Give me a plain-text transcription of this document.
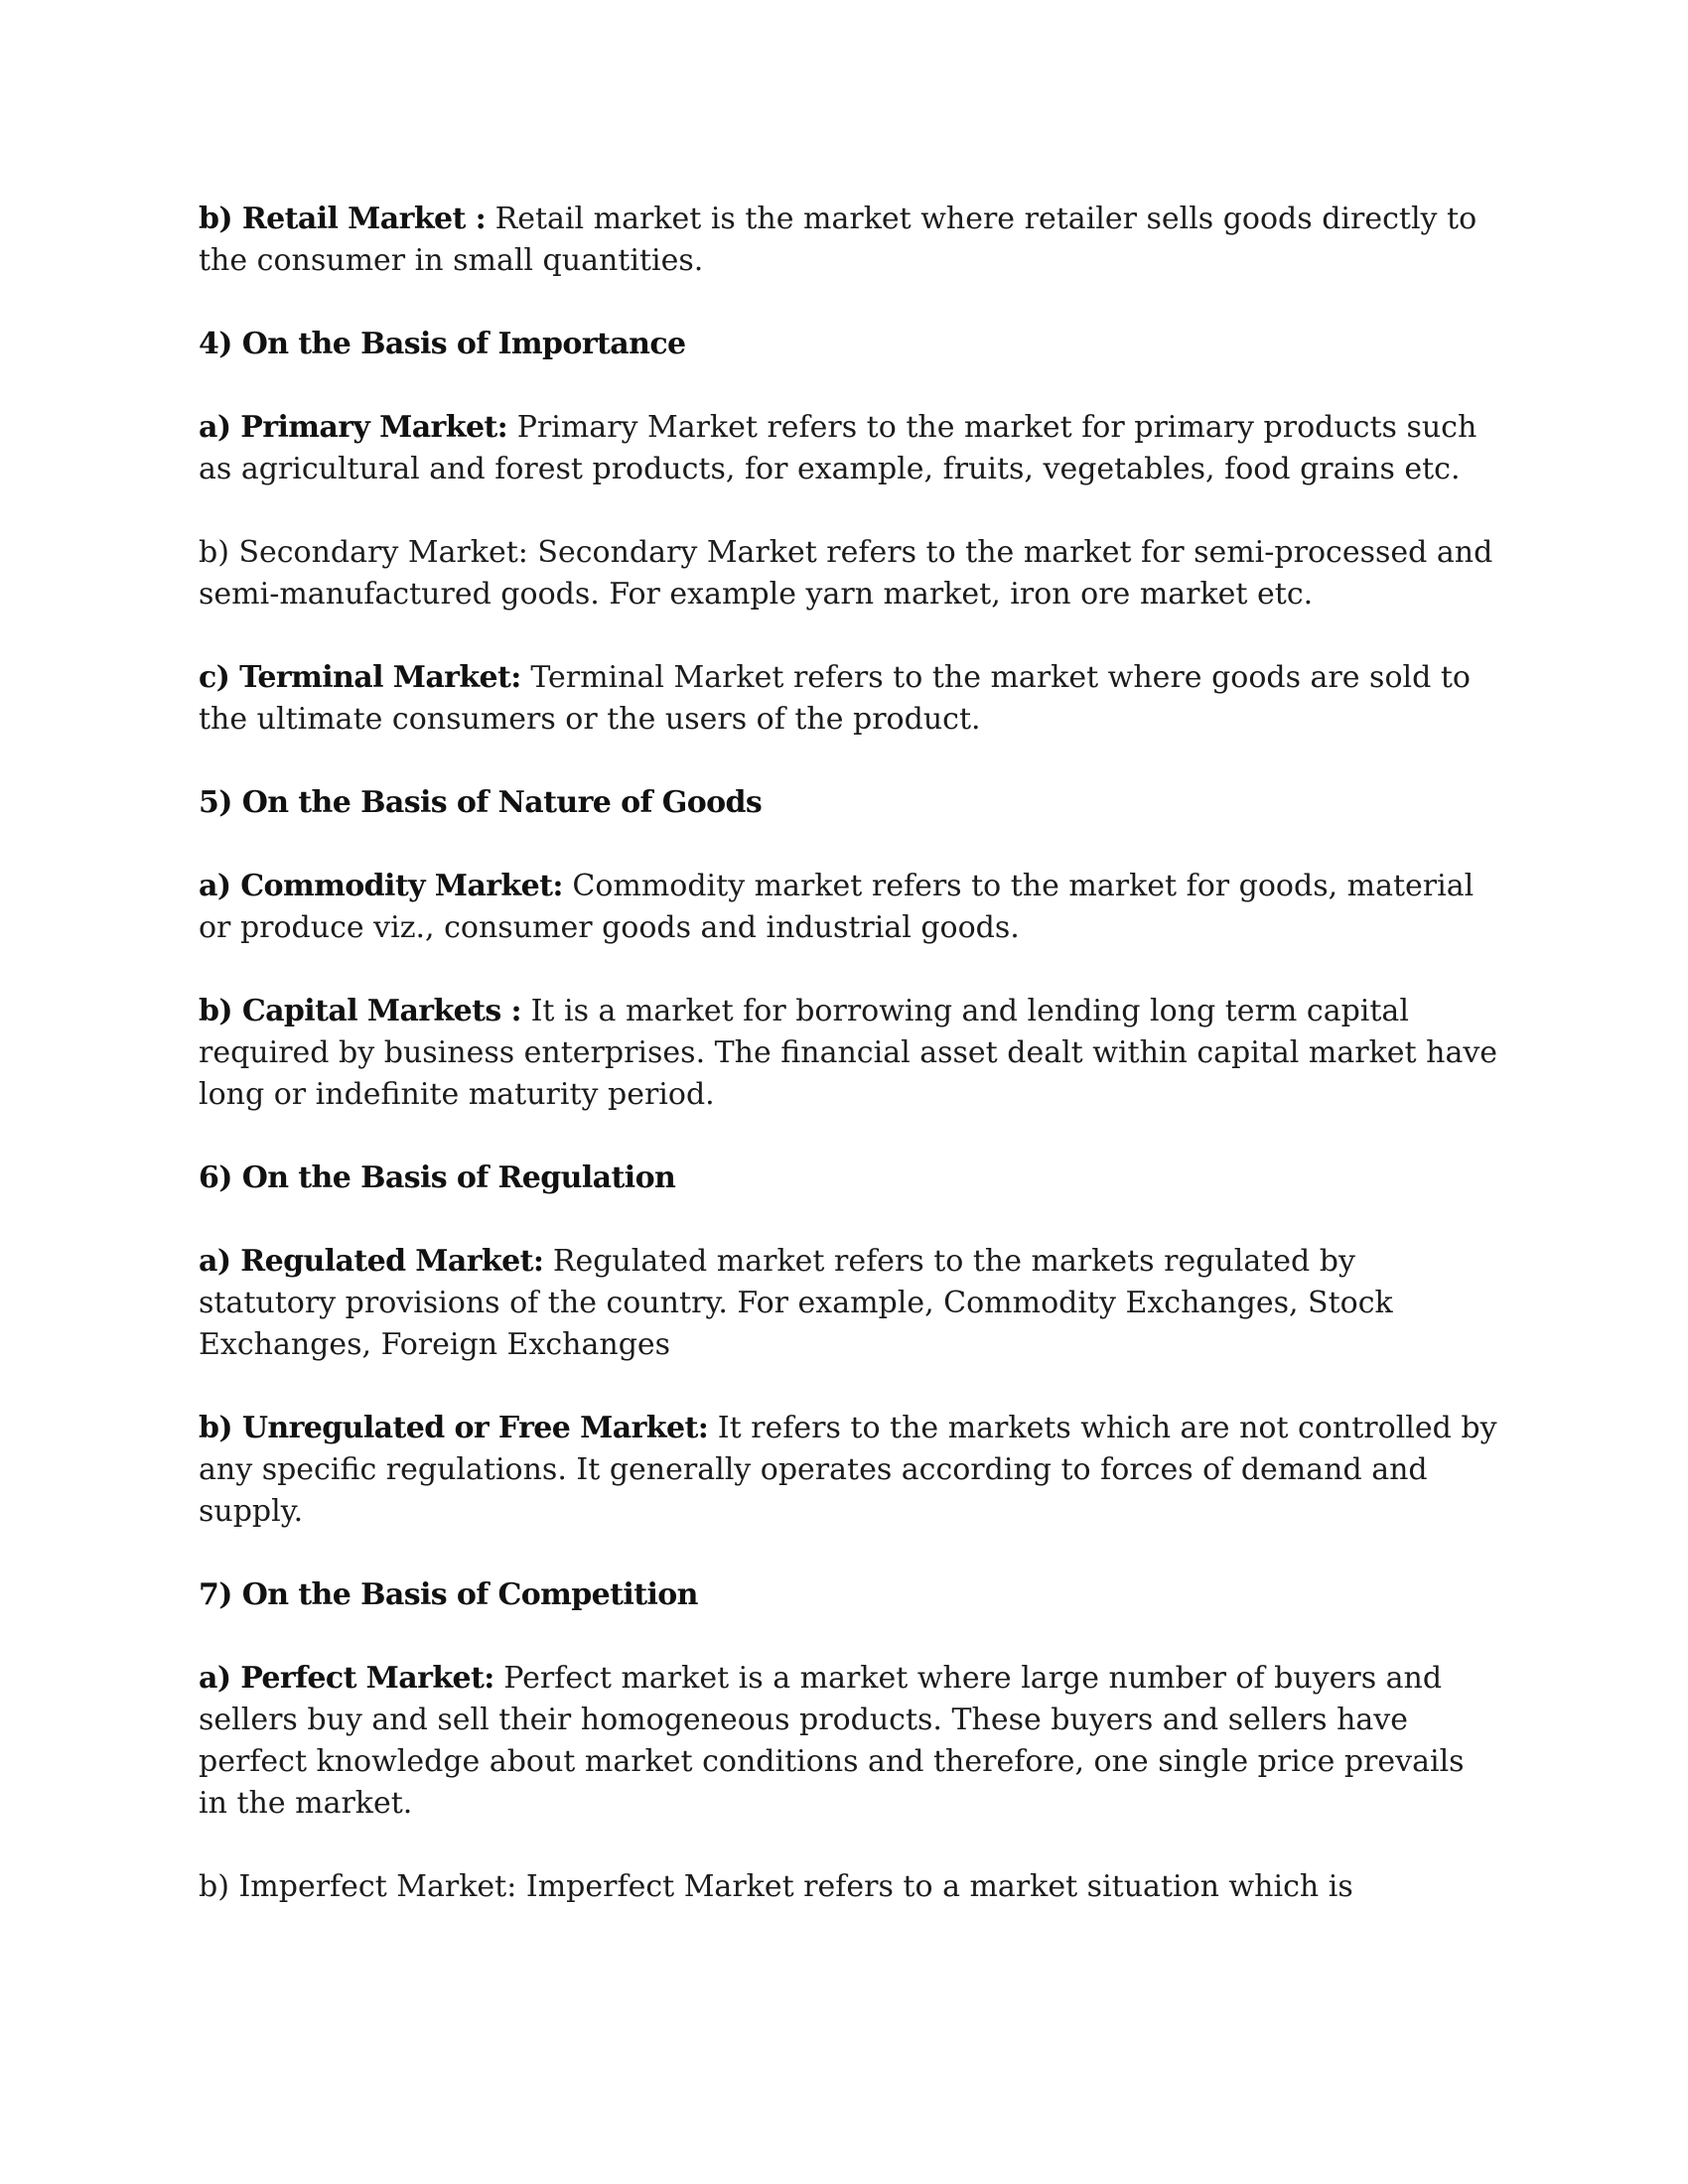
b) Retail Market : Retail market is the market where retailer sells goods directly to the consumer in small quantities.

4) On the Basis of Importance

a) Primary Market: Primary Market refers to the market for primary products such as agricultural and forest products, for example, fruits, vegetables, food grains etc.

b) Secondary Market: Secondary Market refers to the market for semi-processed and semi-manufactured goods. For example yarn market, iron ore market etc.

c) Terminal Market: Terminal Market refers to the market where goods are sold to the ultimate consumers or the users of the product.

5) On the Basis of Nature of Goods

a) Commodity Market: Commodity market refers to the market for goods, material or produce viz., consumer goods and industrial goods.

b) Capital Markets : It is a market for borrowing and lending long term capital required by business enterprises. The financial asset dealt within capital market have long or indefinite maturity period.

6) On the Basis of Regulation

a) Regulated Market: Regulated market refers to the markets regulated by statutory provisions of the country. For example, Commodity Exchanges, Stock Exchanges, Foreign Exchanges

b) Unregulated or Free Market: It refers to the markets which are not controlled by any specific regulations. It generally operates according to forces of demand and supply.

7) On the Basis of Competition

a) Perfect Market: Perfect market is a market where large number of buyers and sellers buy and sell their homogeneous products. These buyers and sellers have perfect knowledge about market conditions and therefore, one single price prevails in the market.

b) Imperfect Market: Imperfect Market refers to a market situation which is
